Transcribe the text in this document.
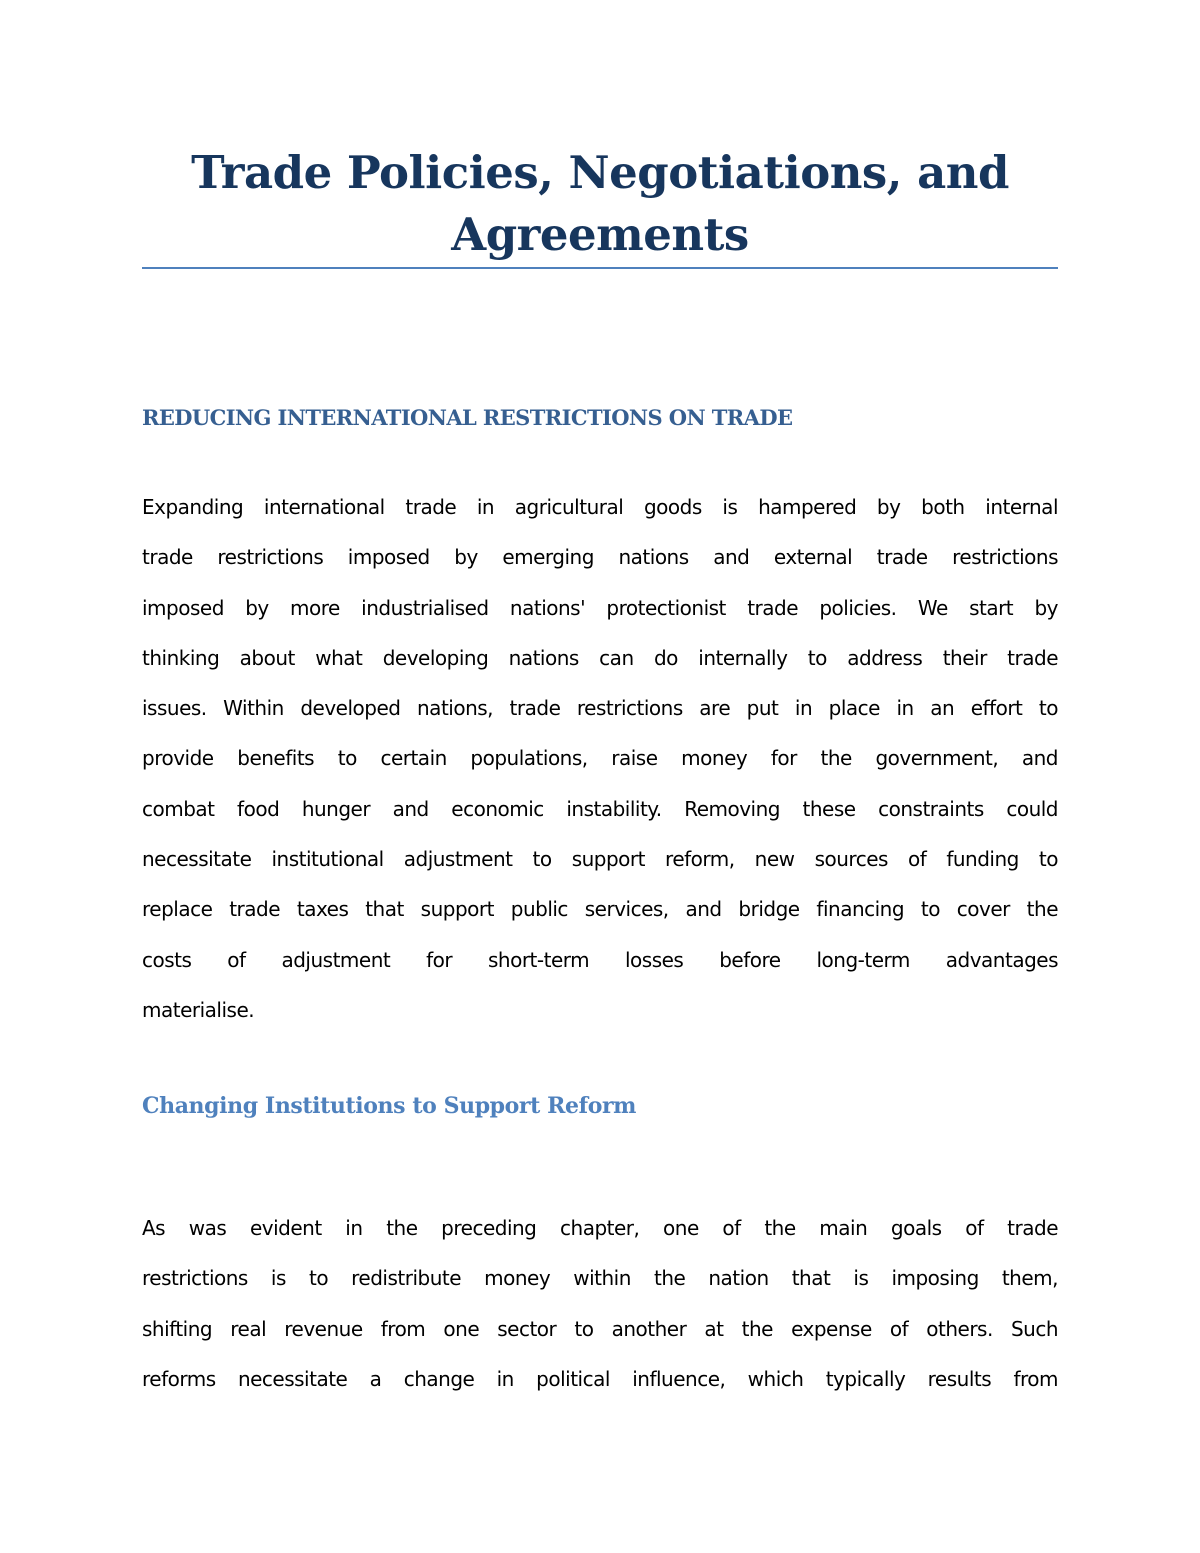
Trade Policies, Negotiations, and
Agreements
REDUCING INTERNATIONAL RESTRICTIONS ON TRADE
Expanding international trade in agricultural goods is hampered by both internal
trade restrictions imposed by emerging nations and external trade restrictions
imposed by more industrialised nations' protectionist trade policies. We start by
thinking about what developing nations can do internally to address their trade
issues. Within developed nations, trade restrictions are put in place in an effort to
provide benefits to certain populations, raise money for the government, and
combat food hunger and economic instability. Removing these constraints could
necessitate institutional adjustment to support reform, new sources of funding to
replace trade taxes that support public services, and bridge financing to cover the
costs of adjustment for short-term losses before long-term advantages
materialise.
Changing Institutions to Support Reform
As was evident in the preceding chapter, one of the main goals of trade
restrictions is to redistribute money within the nation that is imposing them,
shifting real revenue from one sector to another at the expense of others. Such
reforms necessitate a change in political influence, which typically results from
